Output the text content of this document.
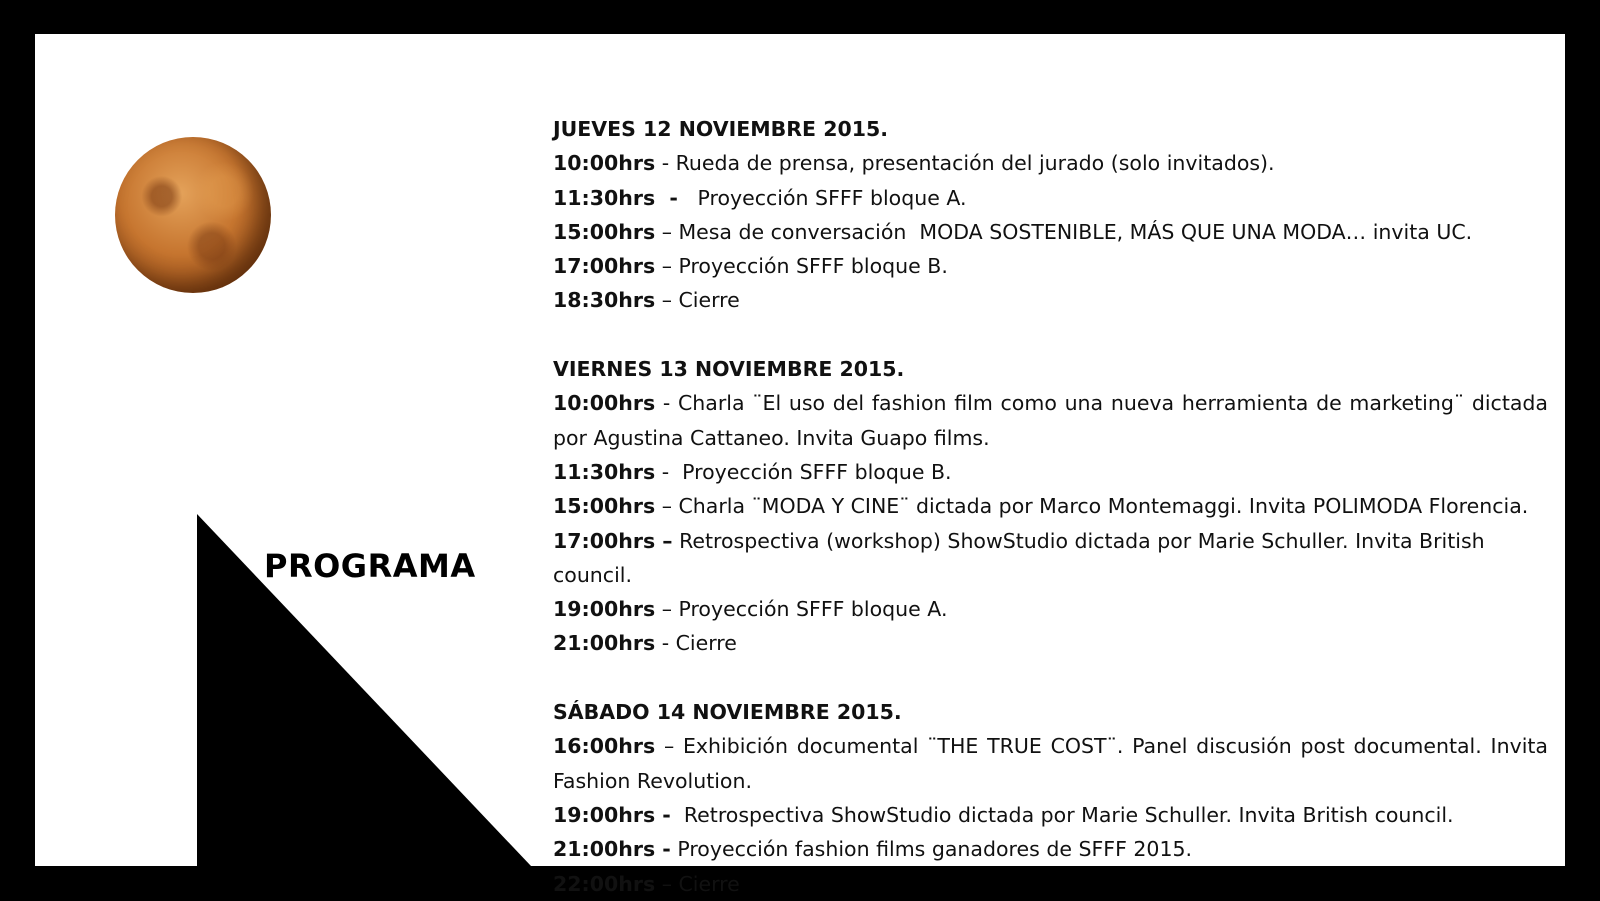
PROGRAMA
JUEVES 12 NOVIEMBRE 2015.
10:00hrs - Rueda de prensa, presentación del jurado (solo invitados).
11:30hrs  -   Proyección SFFF bloque A.
15:00hrs – Mesa de conversación  MODA SOSTENIBLE, MÁS QUE UNA MODA… invita UC.
17:00hrs – Proyección SFFF bloque B.
18:30hrs – Cierre
VIERNES 13 NOVIEMBRE 2015.
10:00hrs - Charla ¨El uso del fashion film como una nueva herramienta de marketing¨ dictada por Agustina Cattaneo. Invita Guapo films.
11:30hrs -  Proyección SFFF bloque B.
15:00hrs – Charla ¨MODA Y CINE¨ dictada por Marco Montemaggi. Invita POLIMODA Florencia.
17:00hrs – Retrospectiva (workshop) ShowStudio dictada por Marie Schuller. Invita British council.
19:00hrs – Proyección SFFF bloque A.
21:00hrs - Cierre
SÁBADO 14 NOVIEMBRE 2015.
16:00hrs – Exhibición documental ¨THE TRUE COST¨. Panel discusión post documental. Invita Fashion Revolution.
19:00hrs -  Retrospectiva ShowStudio dictada por Marie Schuller. Invita British council.
21:00hrs - Proyección fashion films ganadores de SFFF 2015.
22:00hrs – Cierre
